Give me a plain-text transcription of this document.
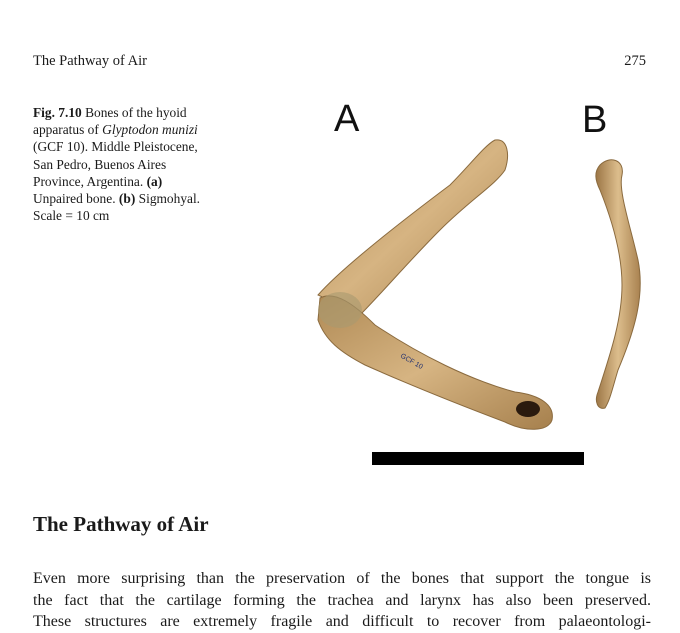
The Pathway of Air	275
Fig. 7.10 Bones of the hyoid apparatus of Glyptodon munizi (GCF 10). Middle Pleistocene, San Pedro, Buenos Aires Province, Argentina. (a) Unpaired bone. (b) Sigmohyal. Scale = 10 cm
A	B
GCF 10
The Pathway of Air
Even more surprising than the preservation of the bones that support the tongue is
the fact that the cartilage forming the trachea and larynx has also been preserved.
These structures are extremely fragile and difficult to recover from palaeontologi-
